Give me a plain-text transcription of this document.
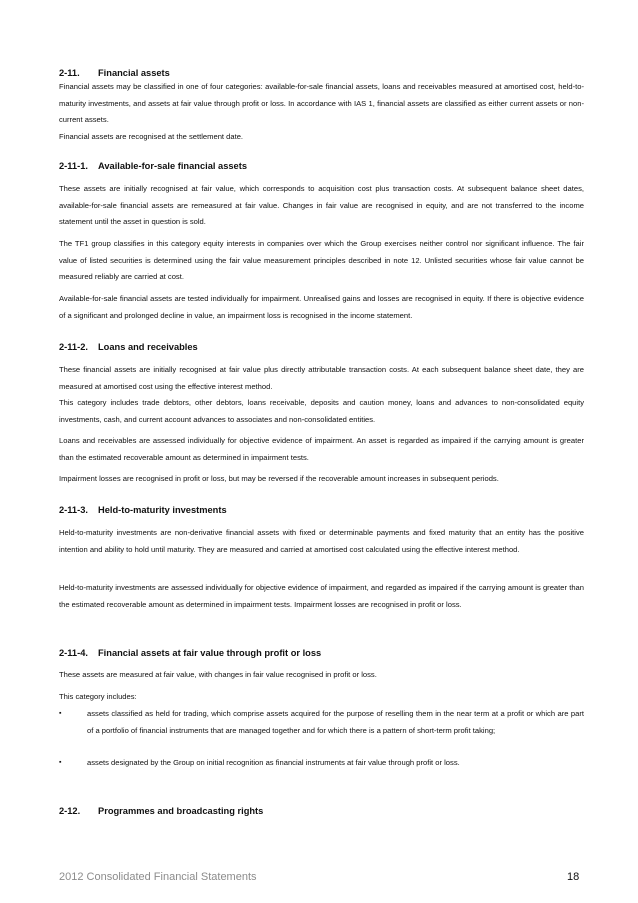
2-11. Financial assets
Financial assets may be classified in one of four categories: available-for-sale financial assets, loans and receivables measured at amortised cost, held-to-maturity investments, and assets at fair value through profit or loss. In accordance with IAS 1, financial assets are classified as either current assets or non-current assets.
Financial assets are recognised at the settlement date.
2-11-1. Available-for-sale financial assets
These assets are initially recognised at fair value, which corresponds to acquisition cost plus transaction costs. At subsequent balance sheet dates, available-for-sale financial assets are remeasured at fair value. Changes in fair value are recognised in equity, and are not transferred to the income statement until the asset in question is sold.
The TF1 group classifies in this category equity interests in companies over which the Group exercises neither control nor significant influence. The fair value of listed securities is determined using the fair value measurement principles described in note 12. Unlisted securities whose fair value cannot be measured reliably are carried at cost.
Available-for-sale financial assets are tested individually for impairment. Unrealised gains and losses are recognised in equity. If there is objective evidence of a significant and prolonged decline in value, an impairment loss is recognised in the income statement.
2-11-2. Loans and receivables
These financial assets are initially recognised at fair value plus directly attributable transaction costs. At each subsequent balance sheet date, they are measured at amortised cost using the effective interest method.
This category includes trade debtors, other debtors, loans receivable, deposits and caution money, loans and advances to non-consolidated equity investments, cash, and current account advances to associates and non-consolidated entities.
Loans and receivables are assessed individually for objective evidence of impairment. An asset is regarded as impaired if the carrying amount is greater than the estimated recoverable amount as determined in impairment tests.
Impairment losses are recognised in profit or loss, but may be reversed if the recoverable amount increases in subsequent periods.
2-11-3. Held-to-maturity investments
Held-to-maturity investments are non-derivative financial assets with fixed or determinable payments and fixed maturity that an entity has the positive intention and ability to hold until maturity. They are measured and carried at amortised cost calculated using the effective interest method.
Held-to-maturity investments are assessed individually for objective evidence of impairment, and regarded as impaired if the carrying amount is greater than the estimated recoverable amount as determined in impairment tests. Impairment losses are recognised in profit or loss.
2-11-4. Financial assets at fair value through profit or loss
These assets are measured at fair value, with changes in fair value recognised in profit or loss.
This category includes:
▪	assets classified as held for trading, which comprise assets acquired for the purpose of reselling them in the near term at a profit or which are part of a portfolio of financial instruments that are managed together and for which there is a pattern of short-term profit taking;
▪	assets designated by the Group on initial recognition as financial instruments at fair value through profit or loss.
2-12. Programmes and broadcasting rights
2012 Consolidated Financial Statements	18
